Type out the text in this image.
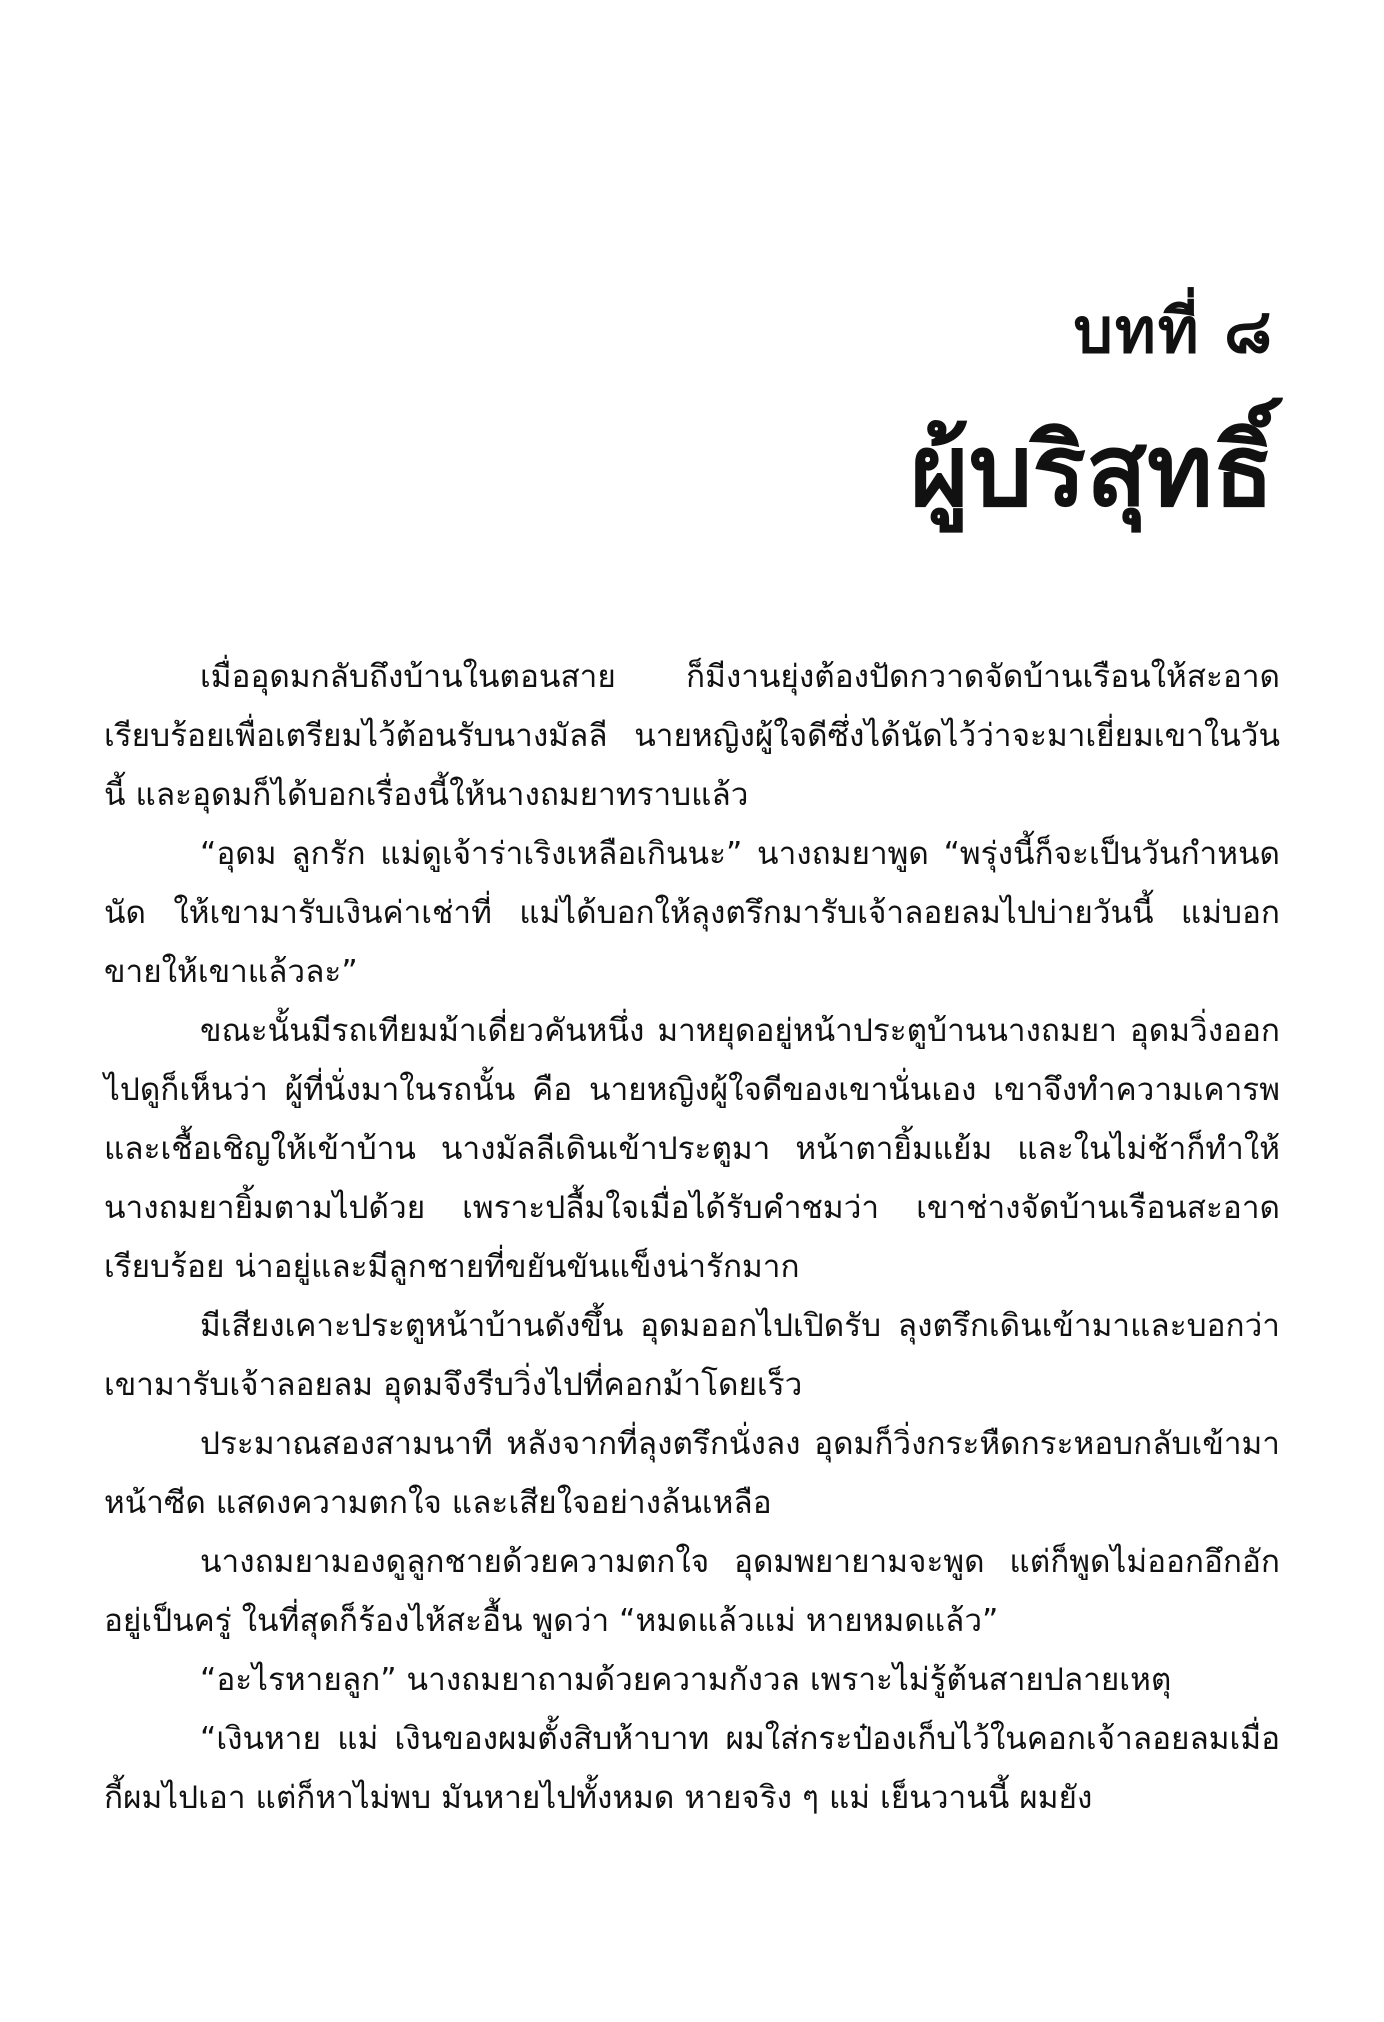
บทที่ ๘
ผู้บริสุทธิ์

เมื่ออุดมกลับถึงบ้านในตอนสาย ก็มีงานยุ่งต้องปัดกวาดจัดบ้านเรือนให้สะอาดเรียบร้อยเพื่อเตรียมไว้ต้อนรับนางมัลลี นายหญิงผู้ใจดีซึ่งได้นัดไว้ว่าจะมาเยี่ยมเขาในวันนี้ และอุดมก็ได้บอกเรื่องนี้ให้นางถมยาทราบแล้ว

“อุดม ลูกรัก แม่ดูเจ้าร่าเริงเหลือเกินนะ” นางถมยาพูด “พรุ่งนี้ก็จะเป็นวันกำหนดนัด ให้เขามารับเงินค่าเช่าที่ แม่ได้บอกให้ลุงตรึกมารับเจ้าลอยลมไปบ่ายวันนี้ แม่บอกขายให้เขาแล้วละ”

ขณะนั้นมีรถเทียมม้าเดี่ยวคันหนึ่ง มาหยุดอยู่หน้าประตูบ้านนางถมยา อุดมวิ่งออกไปดูก็เห็นว่า ผู้ที่นั่งมาในรถนั้น คือ นายหญิงผู้ใจดีของเขานั่นเอง เขาจึงทำความเคารพและเชื้อเชิญให้เข้าบ้าน นางมัลลีเดินเข้าประตูมา หน้าตายิ้มแย้ม และในไม่ช้าก็ทำให้นางถมยายิ้มตามไปด้วย เพราะปลื้มใจเมื่อได้รับคำชมว่า เขาช่างจัดบ้านเรือนสะอาดเรียบร้อย น่าอยู่และมีลูกชายที่ขยันขันแข็งน่ารักมาก

มีเสียงเคาะประตูหน้าบ้านดังขึ้น อุดมออกไปเปิดรับ ลุงตรึกเดินเข้ามาและบอกว่าเขามารับเจ้าลอยลม อุดมจึงรีบวิ่งไปที่คอกม้าโดยเร็ว

ประมาณสองสามนาที หลังจากที่ลุงตรึกนั่งลง อุดมก็วิ่งกระหืดกระหอบกลับเข้ามาหน้าซีด แสดงความตกใจ และเสียใจอย่างล้นเหลือ

นางถมยามองดูลูกชายด้วยความตกใจ อุดมพยายามจะพูด แต่ก็พูดไม่ออกอึกอักอยู่เป็นครู่ ในที่สุดก็ร้องไห้สะอื้น พูดว่า “หมดแล้วแม่ หายหมดแล้ว”

“อะไรหายลูก” นางถมยาถามด้วยความกังวล เพราะไม่รู้ต้นสายปลายเหตุ

“เงินหาย แม่ เงินของผมตั้งสิบห้าบาท ผมใส่กระป๋องเก็บไว้ในคอกเจ้าลอยลมเมื่อกี้ผมไปเอา แต่ก็หาไม่พบ มันหายไปทั้งหมด หายจริง ๆ แม่ เย็นวานนี้ ผมยัง
